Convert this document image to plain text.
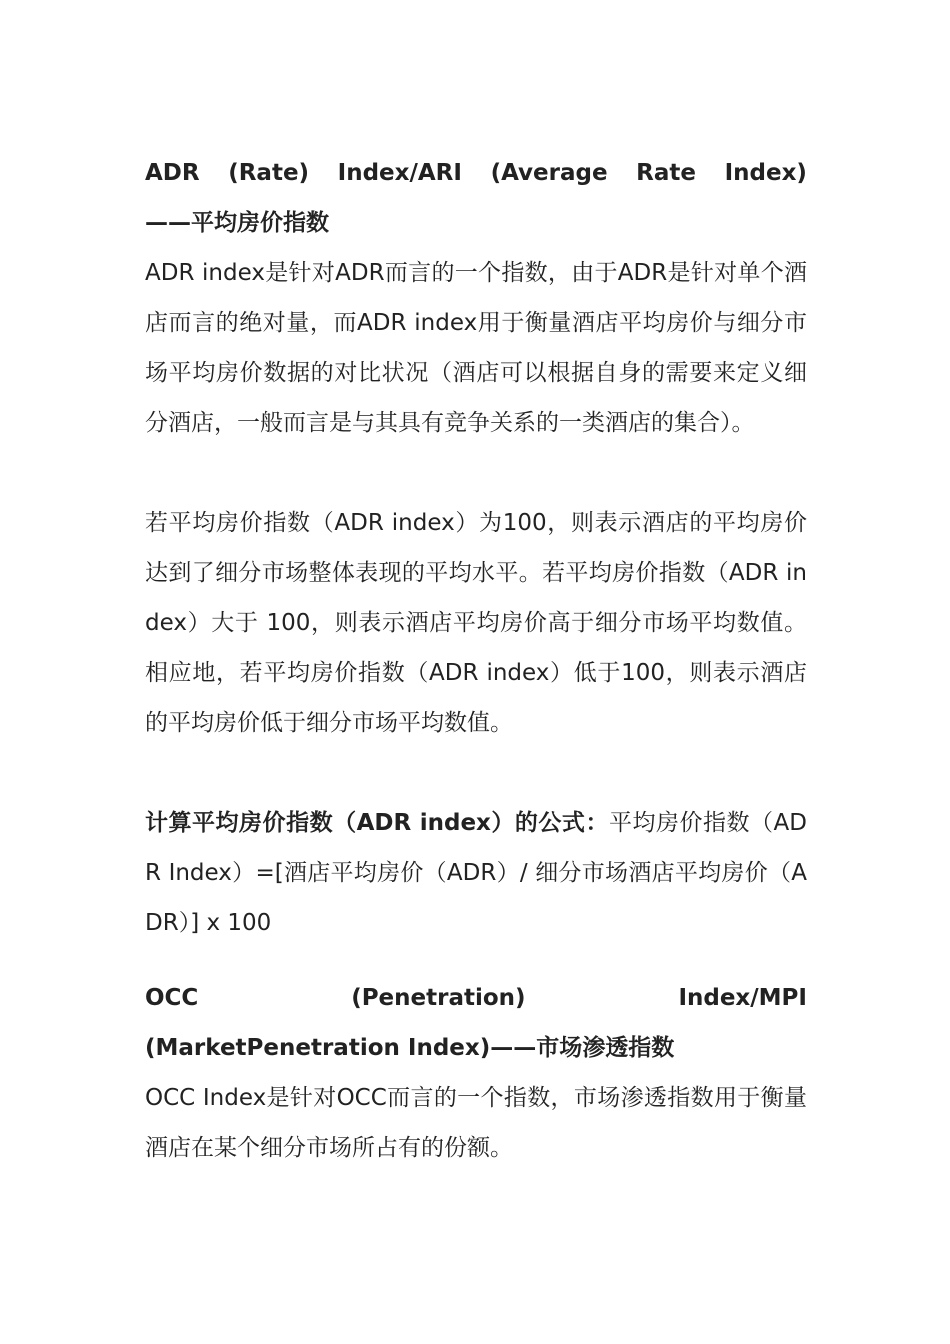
ADR (Rate) Index/ARI (Average Rate Index)

——平均房价指数

ADR index是针对ADR而言的一个指数，由于ADR是针对单个酒店而言的绝对量，而ADR index用于衡量酒店平均房价与细分市场平均房价数据的对比状况（酒店可以根据自身的需要来定义细分酒店，一般而言是与其具有竞争关系的一类酒店的集合）。

若平均房价指数（ADR index）为100，则表示酒店的平均房价达到了细分市场整体表现的平均水平。若平均房价指数（ADR index）大于 100，则表示酒店平均房价高于细分市场平均数值。 相应地，若平均房价指数（ADR index）低于100，则表示酒店的平均房价低于细分市场平均数值。

计算平均房价指数（ADR index）的公式：平均房价指数（ADR Index）=[酒店平均房价（ADR）/ 细分市场酒店平均房价（ADR）] x 100

OCC	(Penetration)	Index/MPI

(MarketPenetration Index)——市场渗透指数

OCC Index是针对OCC而言的一个指数，市场渗透指数用于衡量酒店在某个细分市场所占有的份额。
